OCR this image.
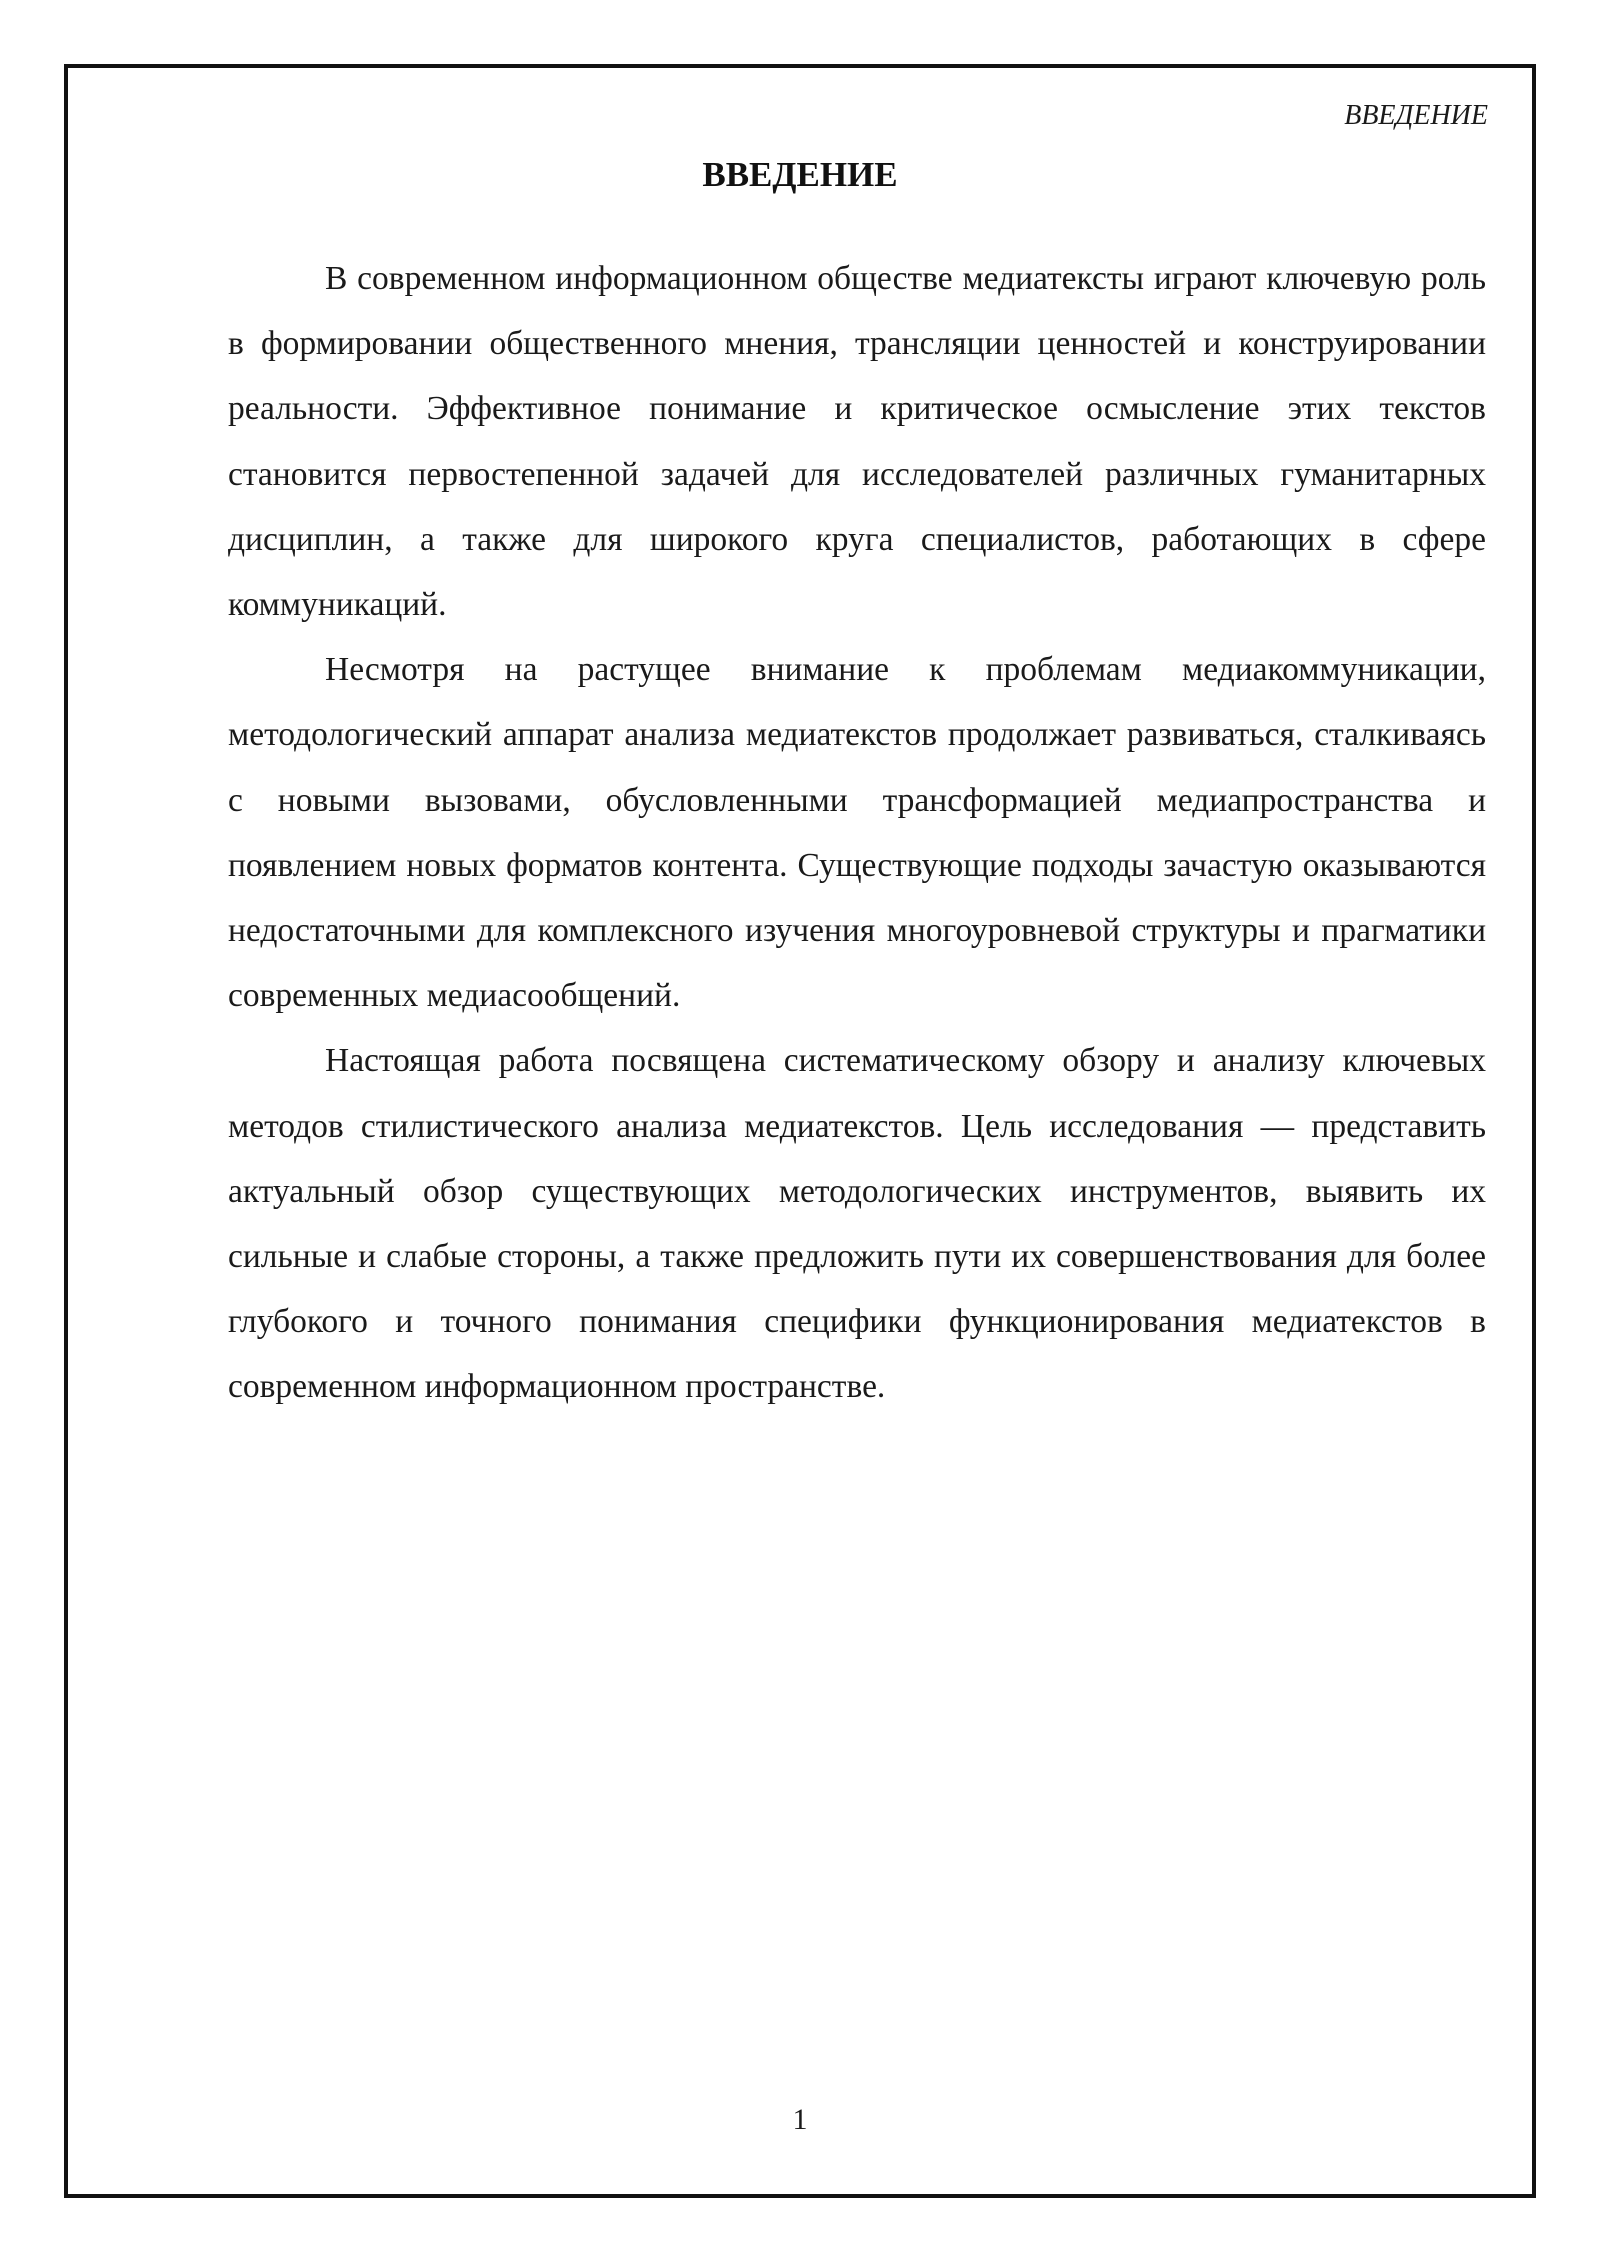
ВВЕДЕНИЕ
ВВЕДЕНИЕ

В современном информационном обществе медиатексты играют ключевую роль в формировании общественного мнения, трансляции ценностей и конструировании реальности. Эффективное понимание и критическое осмысление этих текстов становится первостепенной задачей для исследователей различных гуманитарных дисциплин, а также для широкого круга специалистов, работающих в сфере коммуникаций.

Несмотря на растущее внимание к проблемам медиакоммуникации, методологический аппарат анализа медиатекстов продолжает развиваться, сталкиваясь с новыми вызовами, обусловленными трансформацией медиапространства и появлением новых форматов контента. Существующие подходы зачастую оказываются недостаточными для комплексного изучения многоуровневой структуры и прагматики современных медиасообщений.

Настоящая работа посвящена систематическому обзору и анализу ключевых методов стилистического анализа медиатекстов. Цель исследования — представить актуальный обзор существующих методологических инструментов, выявить их сильные и слабые стороны, а также предложить пути их совершенствования для более глубокого и точного понимания специфики функционирования медиатекстов в современном информационном пространстве.

1
